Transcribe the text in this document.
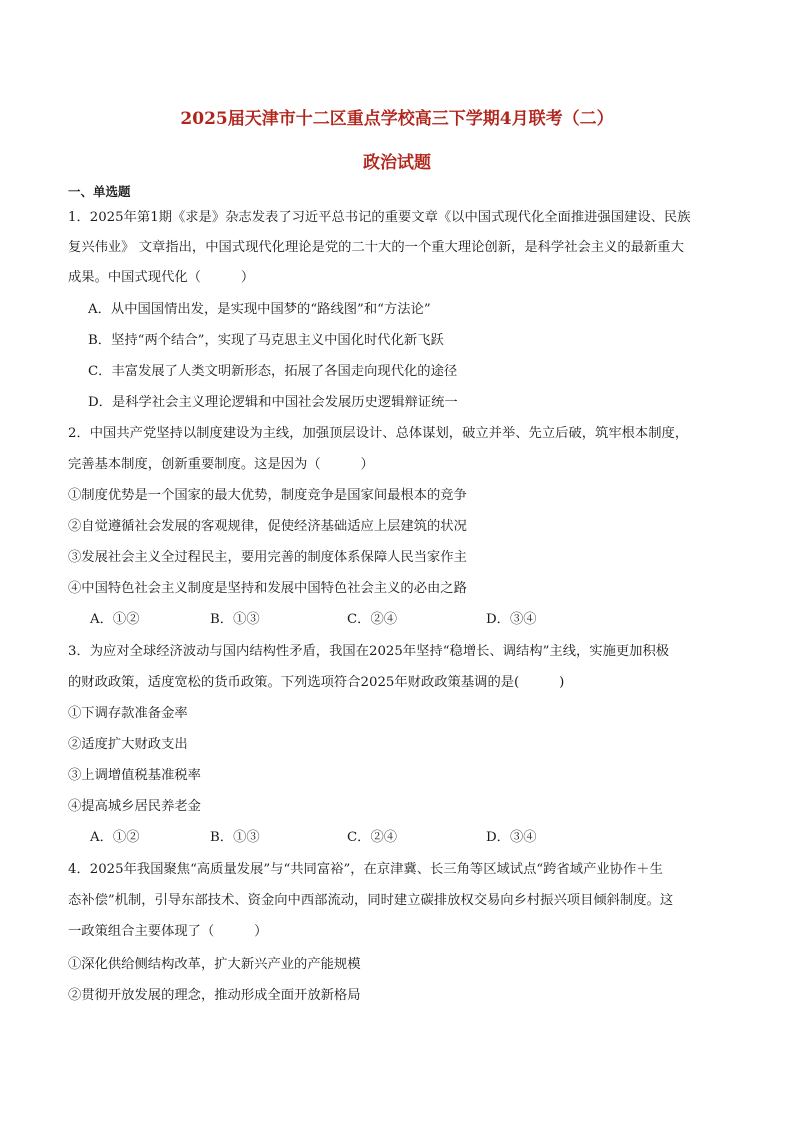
2025届天津市十二区重点学校高三下学期4月联考（二）
政治试题
一、单选题
1．2025年第1期《求是》杂志发表了习近平总书记的重要文章《以中国式现代化全面推进强国建设、民族
复兴伟业》 文章指出，中国式现代化理论是党的二十大的一个重大理论创新，是科学社会主义的最新重大
成果。中国式现代化（　　　）
A．从中国国情出发，是实现中国梦的“路线图”和“方法论”
B．坚持“两个结合”，实现了马克思主义中国化时代化新飞跃
C．丰富发展了人类文明新形态，拓展了各国走向现代化的途径
D．是科学社会主义理论逻辑和中国社会发展历史逻辑辩证统一
2．中国共产党坚持以制度建设为主线，加强顶层设计、总体谋划，破立并举、先立后破，筑牢根本制度，
完善基本制度，创新重要制度。这是因为（　　　）
①制度优势是一个国家的最大优势，制度竞争是国家间最根本的竞争
②自觉遵循社会发展的客观规律，促使经济基础适应上层建筑的状况
③发展社会主义全过程民主，要用完善的制度体系保障人民当家作主
④中国特色社会主义制度是坚持和发展中国特色社会主义的必由之路
A．①②	B．①③	C．②④	D．③④
3．为应对全球经济波动与国内结构性矛盾，我国在2025年坚持“稳增长、调结构”主线，实施更加积极
的财政政策，适度宽松的货币政策。下列选项符合2025年财政政策基调的是(　　　)
①下调存款准备金率
②适度扩大财政支出
③上调增值税基准税率
④提高城乡居民养老金
A．①②	B．①③	C．②④	D．③④
4．2025年我国聚焦“高质量发展”与“共同富裕”，在京津冀、长三角等区域试点“跨省域产业协作＋生
态补偿”机制，引导东部技术、资金向中西部流动，同时建立碳排放权交易向乡村振兴项目倾斜制度。这
一政策组合主要体现了（　　　）
①深化供给侧结构改革，扩大新兴产业的产能规模
②贯彻开放发展的理念，推动形成全面开放新格局
